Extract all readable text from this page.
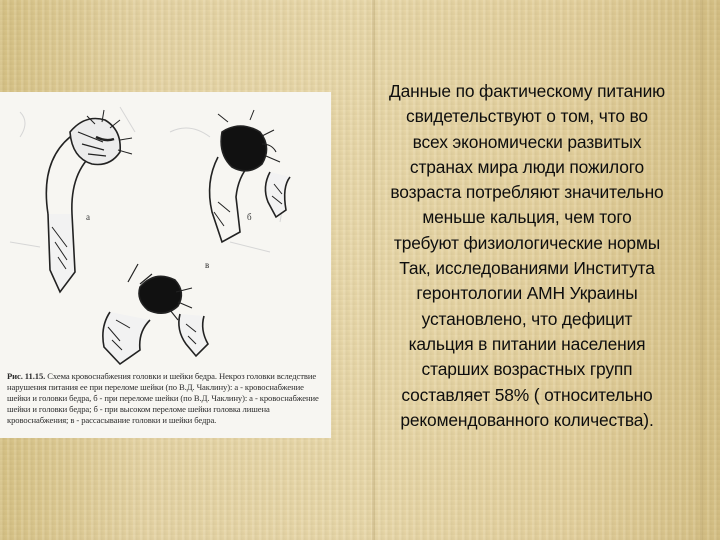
а	б
в
Рис. 11.15. Схема кровоснабжения головки и шейки бедра. Некроз головки вследствие нарушения питания ее при переломе шейки (по В.Д. Чаклину): а - кровоснабжение шейки и головки бедра, б - при переломе шейки (по В.Д. Чаклину): а - кровоснабжение шейки и головки бедра; б - при высоком переломе шейки головка лишена кровоснабжения; в - рассасывание головки и шейки бедра.
Данные по фактическому питанию
свидетельствуют о том, что во
всех экономически развитых
странах мира люди пожилого
возраста потребляют значительно
меньше кальция, чем того
требуют физиологические нормы
Так, исследованиями Института
геронтологии АМН Украины
установлено, что дефицит
кальция в питании населения
старших возрастных групп
составляет 58% ( относительно
рекомендованного количества).
